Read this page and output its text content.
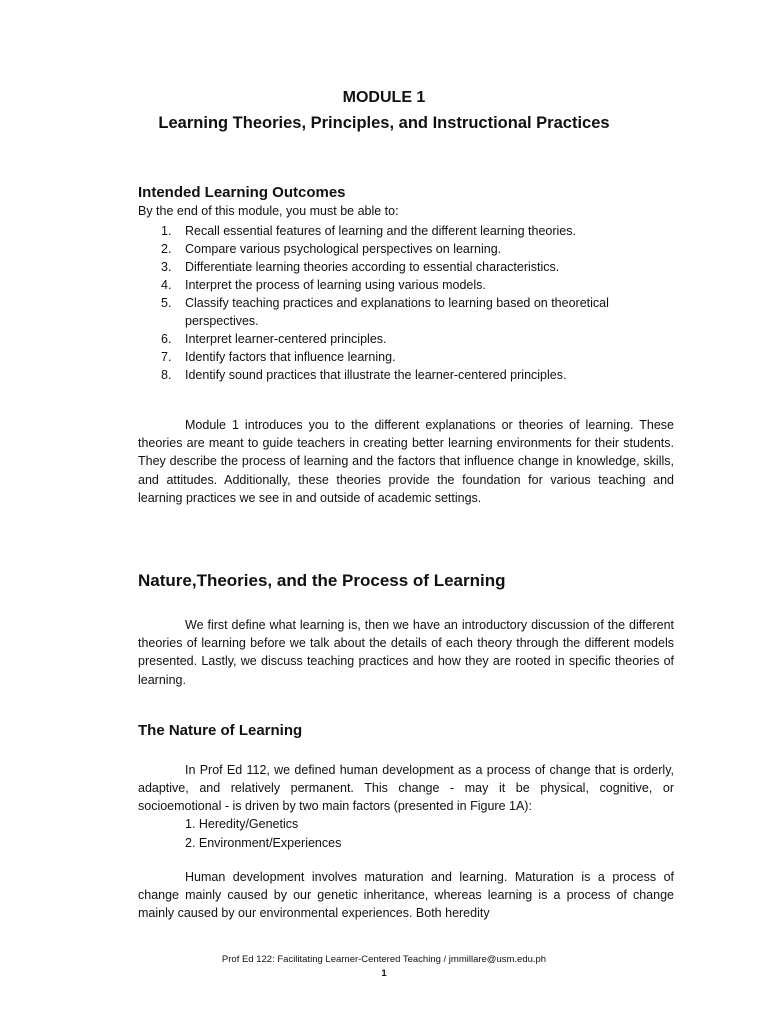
MODULE 1
Learning Theories, Principles, and Instructional Practices
Intended Learning Outcomes
By the end of this module, you must be able to:
1. Recall essential features of learning and the different learning theories.
2. Compare various psychological perspectives on learning.
3. Differentiate learning theories according to essential characteristics.
4. Interpret the process of learning using various models.
5. Classify teaching practices and explanations to learning based on theoretical perspectives.
6. Interpret learner-centered principles.
7. Identify factors that influence learning.
8. Identify sound practices that illustrate the learner-centered principles.

Module 1 introduces you to the different explanations or theories of learning. These theories are meant to guide teachers in creating better learning environments for their students. They describe the process of learning and the factors that influence change in knowledge, skills, and attitudes. Additionally, these theories provide the foundation for various teaching and learning practices we see in and outside of academic settings.

Nature,Theories, and the Process of Learning

We first define what learning is, then we have an introductory discussion of the different theories of learning before we talk about the details of each theory through the different models presented. Lastly, we discuss teaching practices and how they are rooted in specific theories of learning.

The Nature of Learning

In Prof Ed 112, we defined human development as a process of change that is orderly, adaptive, and relatively permanent. This change - may it be physical, cognitive, or socioemotional - is driven by two main factors (presented in Figure 1A):

1. Heredity/Genetics
2. Environment/Experiences

Human development involves maturation and learning. Maturation is a process of change mainly caused by our genetic inheritance, whereas learning is a process of change mainly caused by our environmental experiences. Both heredity

Prof Ed 122: Facilitating Learner-Centered Teaching / jmmillare@usm.edu.ph
1
